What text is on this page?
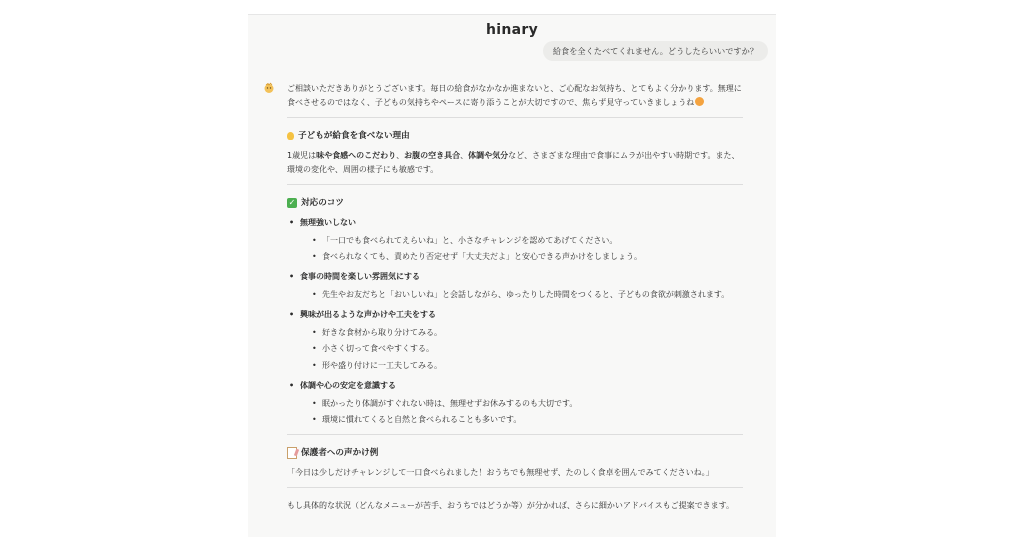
hinary
給食を全くたべてくれません。どうしたらいいですか？

ご相談いただきありがとうございます。毎日の給食がなかなか進まないと、ご心配なお気持ち、とてもよく分かります。無理に食べさせるのではなく、子どもの気持ちやペースに寄り添うことが大切ですので、焦らず見守っていきましょうね

子どもが給食を食べない理由

1歳児は味や食感へのこだわり、お腹の空き具合、体調や気分など、さまざまな理由で食事にムラが出やすい時期です。また、環境の変化や、周囲の様子にも敏感です。

✓ 対応のコツ
• 無理強いしない
• 「一口でも食べられてえらいね」と、小さなチャレンジを認めてあげてください。
• 食べられなくても、責めたり否定せず「大丈夫だよ」と安心できる声かけをしましょう。
• 食事の時間を楽しい雰囲気にする
• 先生やお友だちと「おいしいね」と会話しながら、ゆったりした時間をつくると、子どもの食欲が刺激されます。
• 興味が出るような声かけや工夫をする
• 好きな食材から取り分けてみる。
• 小さく切って食べやすくする。
• 形や盛り付けに一工夫してみる。
• 体調や心の安定を意識する
• 眠かったり体調がすぐれない時は、無理せずお休みするのも大切です。
• 環境に慣れてくると自然と食べられることも多いです。
保護者への声かけ例

「今日は少しだけチャレンジして一口食べられました！おうちでも無理せず、たのしく食卓を囲んでみてくださいね。」

もし具体的な状況（どんなメニューが苦手、おうちではどうか等）が分かれば、さらに細かいアドバイスもご提案できます。
